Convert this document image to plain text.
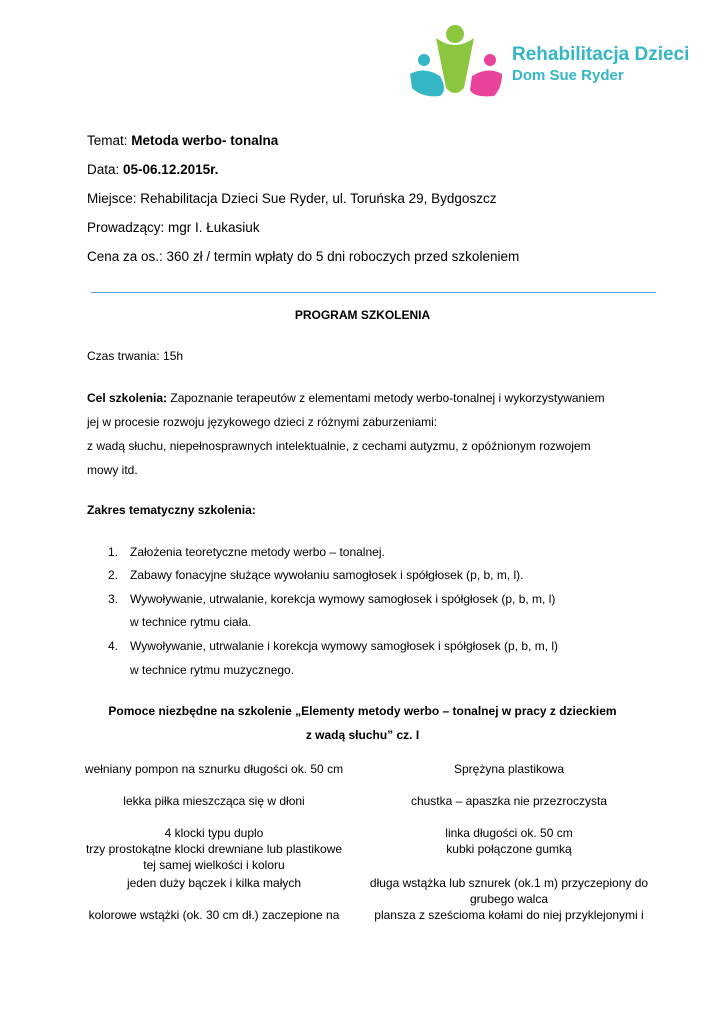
Rehabilitacja Dzieci
Dom Sue Ryder
Temat: Metoda werbo- tonalna
Data: 05-06.12.2015r.
Miejsce: Rehabilitacja Dzieci Sue Ryder, ul. Toruńska 29, Bydgoszcz
Prowadzący: mgr I. Łukasiuk
Cena za os.: 360 zł / termin wpłaty do 5 dni roboczych przed szkoleniem
PROGRAM SZKOLENIA
Czas trwania: 15h
Cel szkolenia: Zapoznanie terapeutów z elementami metody werbo-tonalnej i wykorzystywaniem
jej w procesie rozwoju językowego dzieci z różnymi zaburzeniami:
z wadą słuchu, niepełnosprawnych intelektualnie, z cechami autyzmu, z opóźnionym rozwojem
mowy itd.
Zakres tematyczny szkolenia:
1. Założenia teoretyczne metody werbo – tonalnej.
2. Zabawy fonacyjne służące wywołaniu samogłosek i spółgłosek (p, b, m, l).
3. Wywoływanie, utrwalanie, korekcja wymowy samogłosek i spółgłosek (p, b, m, l)
w technice rytmu ciała.
4. Wywoływanie, utrwalanie i korekcja wymowy samogłosek i spółgłosek (p, b, m, l)
w technice rytmu muzycznego.
Pomoce niezbędne na szkolenie „Elementy metody werbo – tonalnej w pracy z dzieckiem
z wadą słuchu” cz. I
wełniany pompon na sznurku długości ok. 50 cm	Sprężyna plastikowa
lekka piłka mieszcząca się w dłoni	chustka – apaszka nie przezroczysta
4 klocki typu duplo	linka długości ok. 50 cm
trzy prostokątne klocki drewniane lub plastikowe	kubki połączone gumką
tej samej wielkości i koloru
jeden duży bączek i kilka małych	długa wstążka lub sznurek (ok.1 m) przyczepiony do
grubego walca
kolorowe wstążki (ok. 30 cm dł.) zaczepione na	plansza z sześcioma kołami do niej przyklejonymi i
